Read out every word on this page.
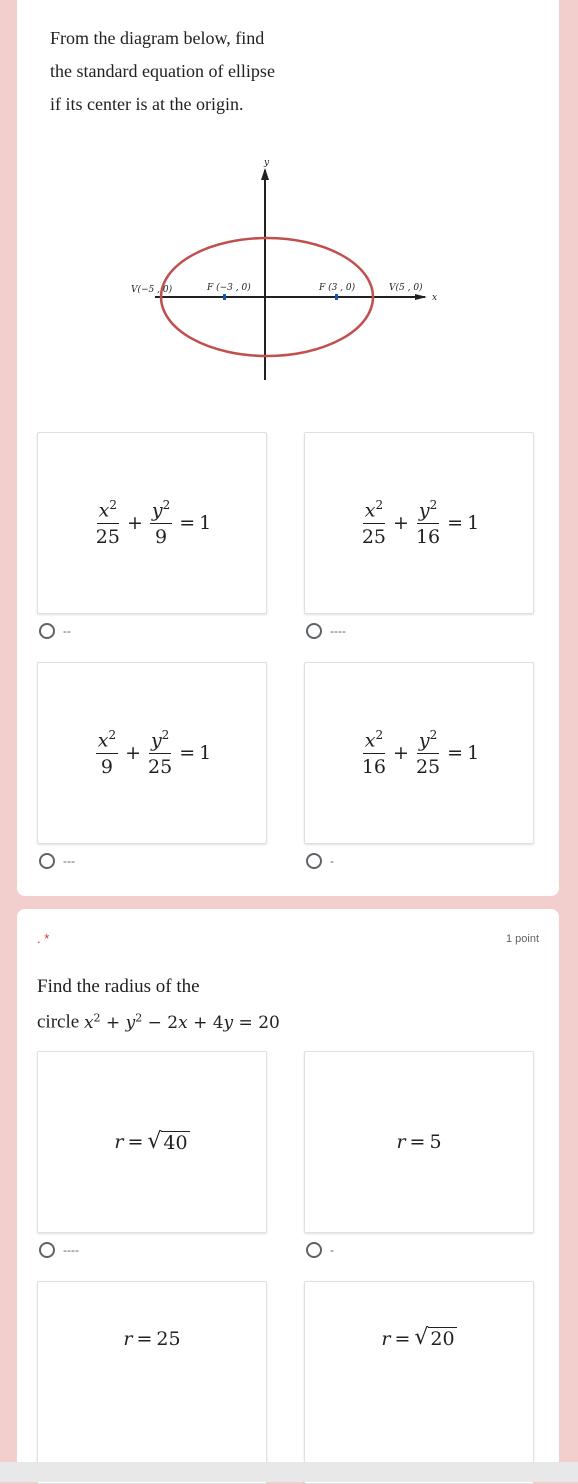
From the diagram below, find
the standard equation of ellipse
if its center is at the origin.
y
x
V(−5 , 0)	F (−3 , 0)	F (3 , 0)	V(5 , 0)
$\frac{x^2}{25} + \frac{y^2}{9} = 1$
--
$\frac{x^2}{25} + \frac{y^2}{16} = 1$
----
$\frac{x^2}{9} + \frac{y^2}{25} = 1$
---
$\frac{x^2}{16} + \frac{y^2}{25} = 1$
-
. *	1 point
Find the radius of the
circle $x^2 + y^2 - 2x + 4y = 20$
r = √ 40
----
r = 5
-
r = 25	r = √ 20
